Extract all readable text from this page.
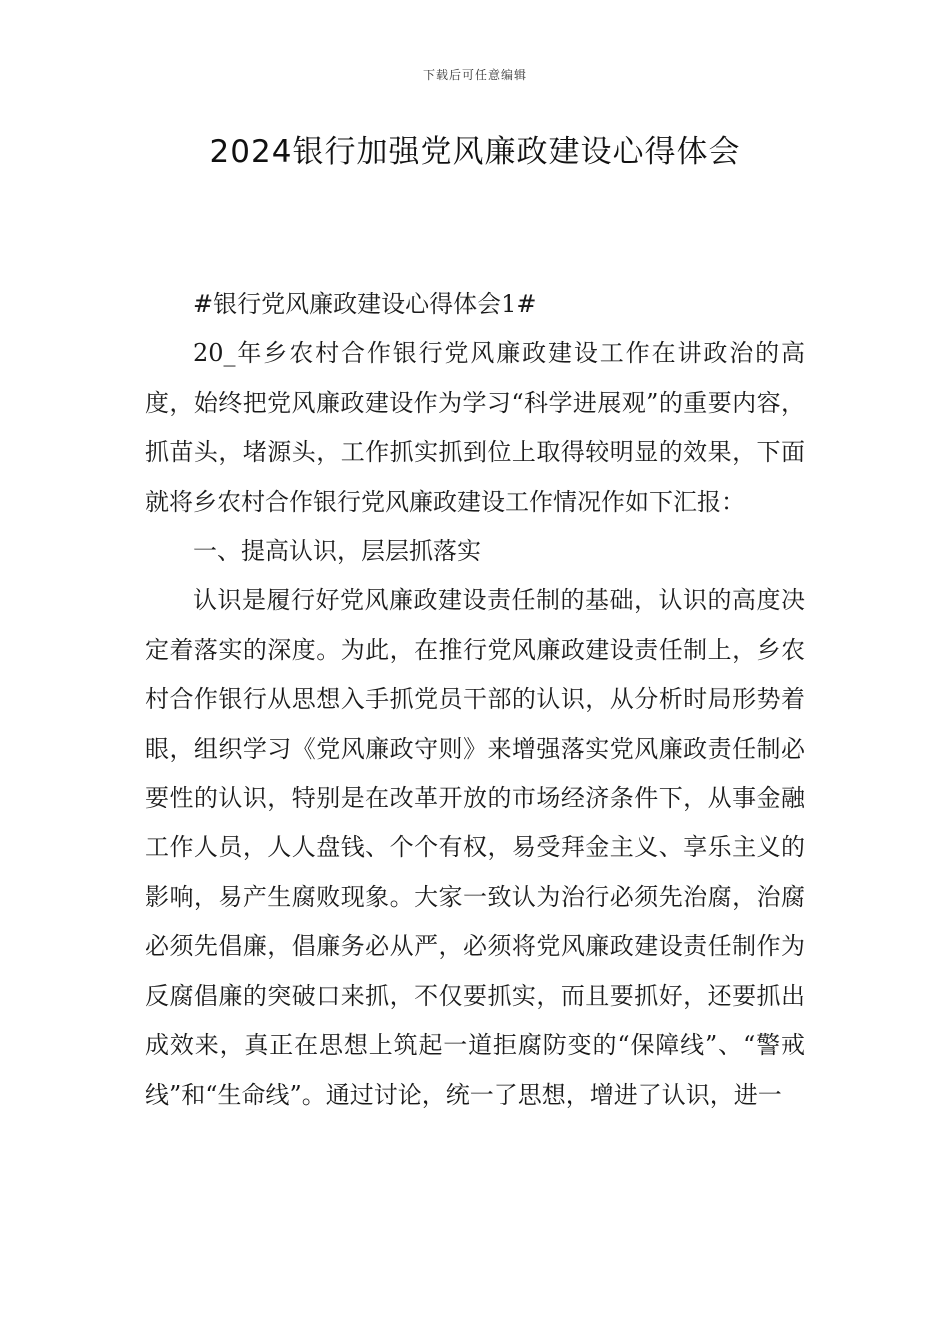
下载后可任意编辑
2024银行加强党风廉政建设心得体会

#银行党风廉政建设心得体会1#

20_年乡农村合作银行党风廉政建设工作在讲政治的高度，始终把党风廉政建设作为学习“科学进展观”的重要内容，抓苗头，堵源头，工作抓实抓到位上取得较明显的效果，下面就将乡农村合作银行党风廉政建设工作情况作如下汇报：

一、提高认识，层层抓落实

认识是履行好党风廉政建设责任制的基础，认识的高度决定着落实的深度。为此，在推行党风廉政建设责任制上，乡农村合作银行从思想入手抓党员干部的认识，从分析时局形势着眼，组织学习《党风廉政守则》来增强落实党风廉政责任制必要性的认识，特别是在改革开放的市场经济条件下，从事金融工作人员，人人盘钱、个个有权，易受拜金主义、享乐主义的影响，易产生腐败现象。大家一致认为治行必须先治腐，治腐必须先倡廉，倡廉务必从严，必须将党风廉政建设责任制作为反腐倡廉的突破口来抓，不仅要抓实，而且要抓好，还要抓出成效来，真正在思想上筑起一道拒腐防变的“保障线”、“警戒线”和“生命线”。通过讨论，统一了思想，增进了认识，进一
